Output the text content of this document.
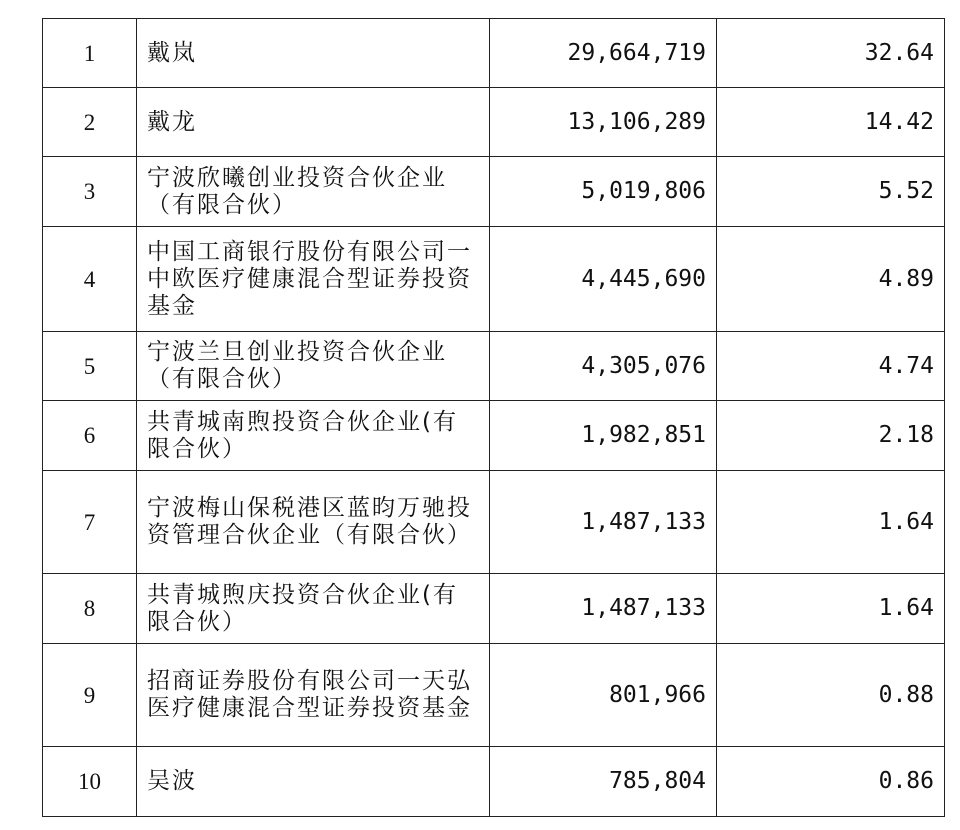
1	戴岚	29,664,719	32.64
2	戴龙	13,106,289	14.42
3	宁波欣曦创业投资合伙企业（有限合伙）	5,019,806	5.52
4	中国工商银行股份有限公司一中欧医疗健康混合型证券投资基金	4,445,690	4.89
5	宁波兰旦创业投资合伙企业（有限合伙）	4,305,076	4.74
6	共青城南煦投资合伙企业(有限合伙）	1,982,851	2.18
7	宁波梅山保税港区蓝昀万驰投资管理合伙企业（有限合伙）	1,487,133	1.64
8	共青城煦庆投资合伙企业(有限合伙）	1,487,133	1.64
9	招商证券股份有限公司一天弘医疗健康混合型证券投资基金	801,966	0.88
10	吴波	785,804	0.86
